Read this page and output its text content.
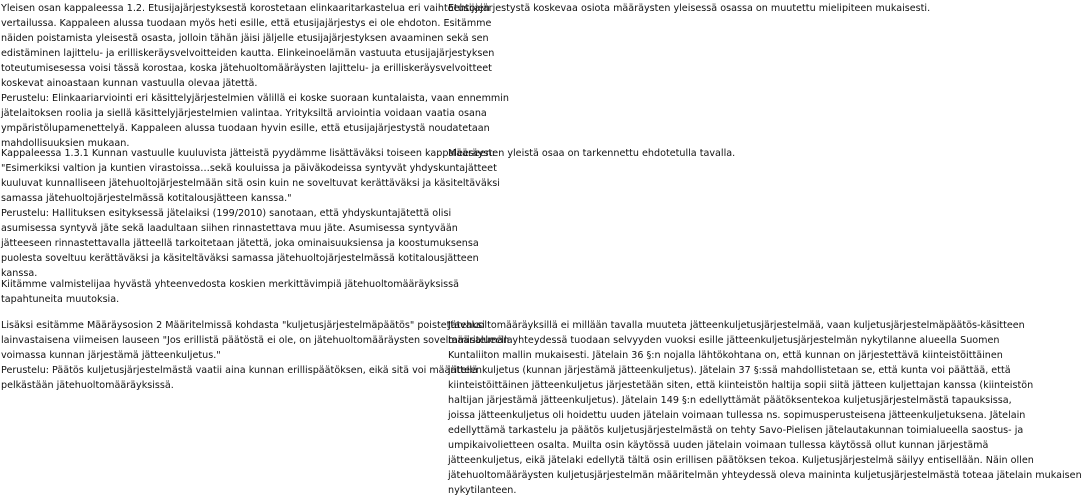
Yleisen osan kappaleessa 1.2. Etusijajärjestyksestä korostetaan elinkaaritarkastelua eri vaihtoehtojen
vertailussa. Kappaleen alussa tuodaan myös heti esille, että etusijajärjestys ei ole ehdoton. Esitämme
näiden poistamista yleisestä osasta, jolloin tähän jäisi jäljelle etusijajärjestyksen avaaminen sekä sen
edistäminen lajittelu- ja erilliskeräysvelvoitteiden kautta. Elinkeinoelämän vastuuta etusijajärjestyksen
toteutumisesessa voisi tässä korostaa, koska jätehuoltomääräysten lajittelu- ja erilliskeräysvelvoitteet
koskevat ainoastaan kunnan vastuulla olevaa jätettä.
Perustelu: Elinkaariarviointi eri käsittelyjärjestelmien välillä ei koske suoraan kuntalaista, vaan ennemmin
jätelaitoksen roolia ja siellä käsittelyjärjestelmien valintaa. Yrityksiltä arviointia voidaan vaatia osana
ympäristölupamenettelyä. Kappaleen alussa tuodaan hyvin esille, että etusijajärjestystä noudatetaan
mahdollisuuksien mukaan.
Etusijajärjestystä koskevaa osiota määräysten yleisessä osassa on muutettu mielipiteen mukaisesti.
Kappaleessa 1.3.1 Kunnan vastuulle kuuluvista jätteistä pyydämme lisättäväksi toiseen kappaleeseen:
"Esimerkiksi valtion ja kuntien virastoissa…sekä kouluissa ja päiväkodeissa syntyvät yhdyskuntajätteet
kuuluvat kunnalliseen jätehuoltojärjestelmään sitä osin kuin ne soveltuvat kerättäväksi ja käsiteltäväksi
samassa jätehuoltojärjestelmässä kotitalousjätteen kanssa."
Perustelu: Hallituksen esityksessä jätelaiksi (199/2010) sanotaan, että yhdyskuntajätettä olisi
asumisessa syntyvä jäte sekä laadultaan siihen rinnastettava muu jäte. Asumisessa syntyvään
jätteeseen rinnastettavalla jätteellä tarkoitetaan jätettä, joka ominaisuuksiensa ja koostumuksensa
puolesta soveltuu kerättäväksi ja käsiteltäväksi samassa jätehuoltojärjestelmässä kotitalousjätteen
kanssa.
Määräysten yleistä osaa on tarkennettu ehdotetulla tavalla.
Kiitämme valmistelijaa hyvästä yhteenvedosta koskien merkittävimpiä jätehuoltomääräyksissä
tapahtuneita muutoksia.
Lisäksi esitämme Määräysosion 2 Määritelmissä kohdasta "kuljetusjärjestelmäpäätös" poistettavaksi
lainvastaisena viimeisen lauseen "Jos erillistä päätöstä ei ole, on jätehuoltomääräysten soveltamisalueella
voimassa kunnan järjestämä jätteenkuljetus."
Perustelu: Päätös kuljetusjärjestelmästä vaatii aina kunnan erillispäätöksen, eikä sitä voi määritellä
pelkästään jätehuoltomääräyksissä.
Jätehuoltomääräyksillä ei millään tavalla muuteta jätteenkuljetusjärjestelmää, vaan kuljetusjärjestelmäpäätös-käsitteen
määritelmän yhteydessä tuodaan selvyyden vuoksi esille jätteenkuljetusjärjestelmän nykytilanne alueella Suomen
Kuntaliiton mallin mukaisesti. Jätelain 36 §:n nojalla lähtökohtana on, että kunnan on järjestettävä kiinteistöittäinen
jätteenkuljetus (kunnan järjestämä jätteenkuljetus). Jätelain 37 §:ssä mahdollistetaan se, että kunta voi päättää, että
kiinteistöittäinen jätteenkuljetus järjestetään siten, että kiinteistön haltija sopii siitä jätteen kuljettajan kanssa (kiinteistön
haltijan järjestämä jätteenkuljetus). Jätelain 149 §:n edellyttämät päätöksentekoa kuljetusjärjestelmästä tapauksissa,
joissa jätteenkuljetus oli hoidettu uuden jätelain voimaan tullessa ns. sopimusperusteisena jätteenkuljetuksena. Jätelain
edellyttämä tarkastelu ja päätös kuljetusjärjestelmästä on tehty Savo-Pielisen jätelautakunnan toimialueella saostus- ja
umpikaivolietteen osalta. Muilta osin käytössä uuden jätelain voimaan tullessa käytössä ollut kunnan järjestämä
jätteenkuljetus, eikä jätelaki edellytä tältä osin erillisen päätöksen tekoa. Kuljetusjärjestelmä säilyy entisellään. Näin ollen
jätehuoltomääräysten kuljetusjärjestelmän määritelmän yhteydessä oleva maininta kuljetusjärjestelmästä toteaa jätelain mukaisen
nykytilanteen.
